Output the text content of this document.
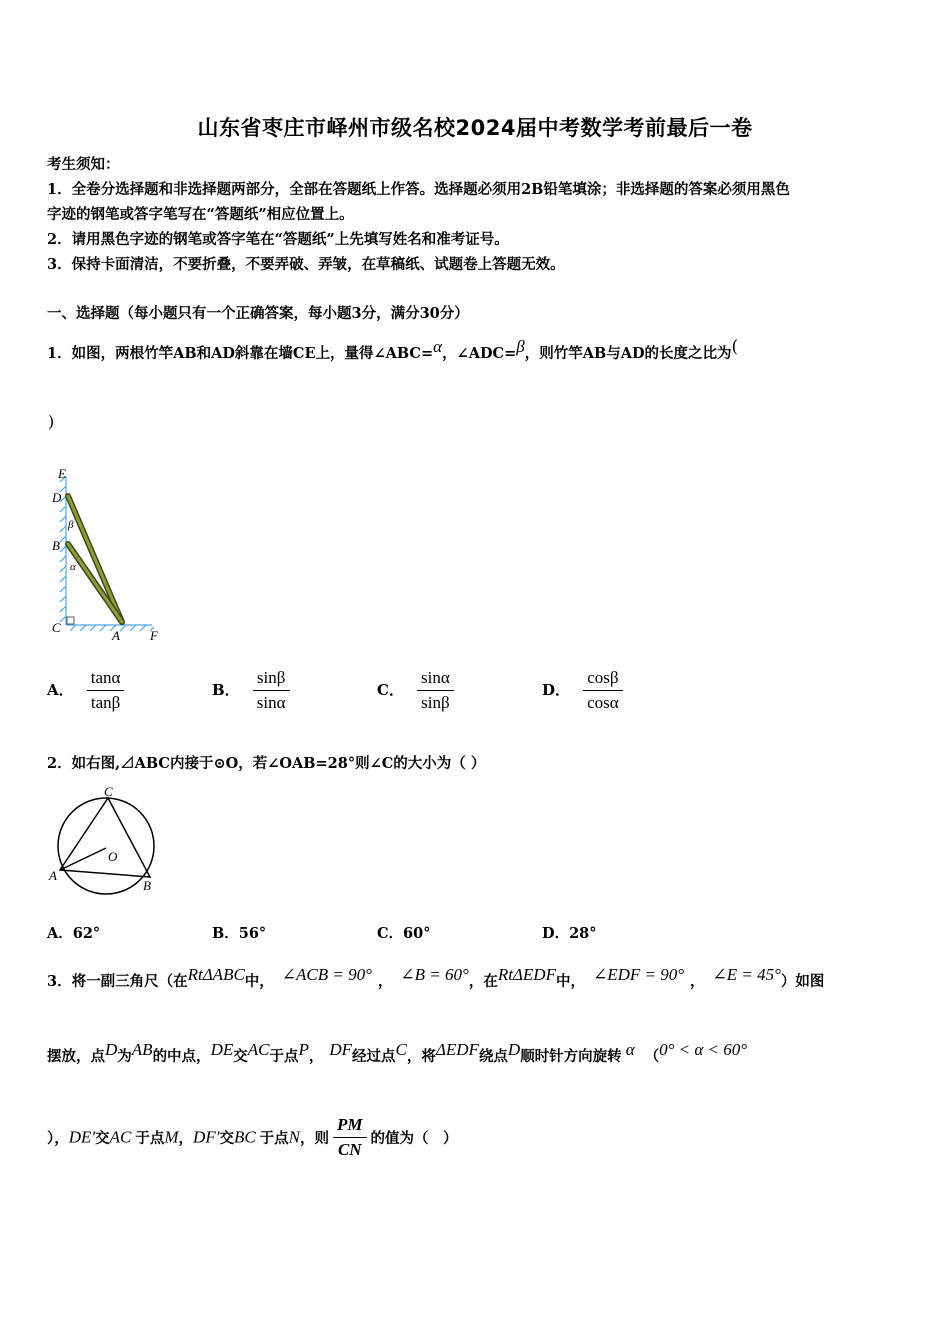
山东省枣庄市峄州市级名校2024届中考数学考前最后一卷
考生须知：
1．全卷分选择题和非选择题两部分，全部在答题纸上作答。选择题必须用2B铅笔填涂；非选择题的答案必须用黑色
字迹的钢笔或答字笔写在“答题纸”相应位置上。
2．请用黑色字迹的钢笔或答字笔在“答题纸”上先填写姓名和准考证号。
3．保持卡面清洁，不要折叠，不要弄破、弄皱，在草稿纸、试题卷上答题无效。
一、选择题（每小题只有一个正确答案，每小题3分，满分30分）
1．如图，两根竹竿AB和AD斜靠在墙CE上，量得∠ABC=$^\alpha$，∠ADC=$^\beta$，则竹竿AB与AD的长度之比为(
)
E
D
β
B
α
C
A F
A． $\frac{\tan\alpha}{\tan\beta}$	B． $\frac{\sin\beta}{\sin\alpha}$	C． $\frac{\sin\alpha}{\sin\beta}$	D． $\frac{\cos\beta}{\cos\alpha}$
2．如右图,⊿ABC内接于⊙O，若∠OAB=28°则∠C的大小为（ ）
C
O
A
B
A．62°	B．56°	C．60°	D．28°
3．将一副三角尺（在$^{Rt\Delta ABC}$中， $^{\angle ACB = 90^\circ}$ ， $^{\angle B = 60^\circ}$，在$^{Rt\Delta EDF}$中， $^{\angle EDF = 90^\circ}$ ， $^{\angle E = 45^\circ}$）如图
摆放，点$^D$为$^{AB}$的中点，$^{DE}$交$^{AC}$于点$^P$， $^{DF}$经过点$^C$，将$^{\Delta EDF}$绕点$^D$顺时针方向旋转 $^\alpha$ （$^{0^\circ < \alpha < 60^\circ}$
），DE′交AC 于点M，DF′交BC 于点N，则 $\frac{PM}{CN}$ 的值为（　）
